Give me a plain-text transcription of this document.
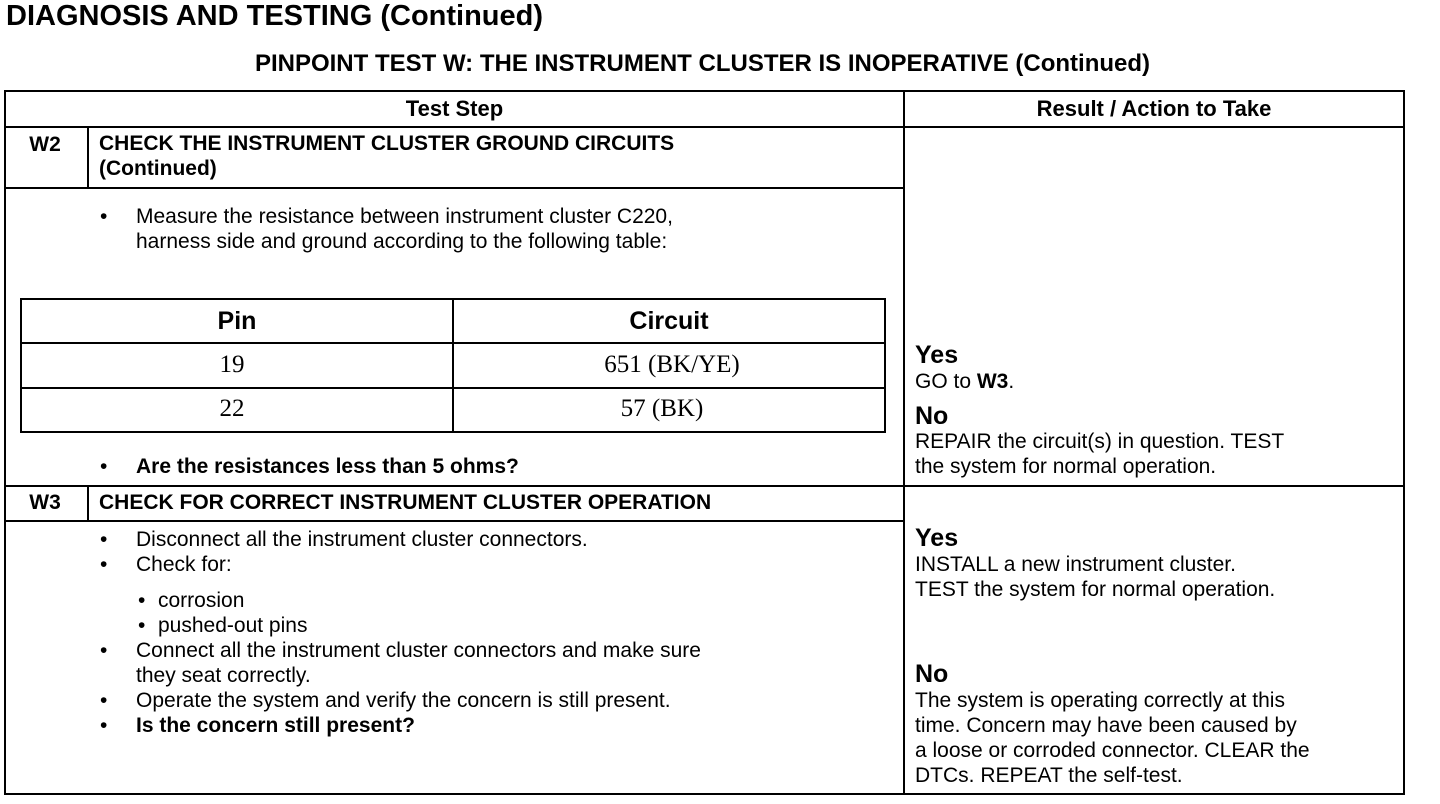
DIAGNOSIS AND TESTING (Continued)
PINPOINT TEST W: THE INSTRUMENT CLUSTER IS INOPERATIVE (Continued)
Test Step	Result / Action to Take
W2	CHECK THE INSTRUMENT CLUSTER GROUND CIRCUITS
(Continued)
• Measure the resistance between instrument cluster C220,
harness side and ground according to the following table:
Pin	Circuit
19	651 (BK/YE)
22	57 (BK)
• Are the resistances less than 5 ohms?
Yes
GO to W3.
No
REPAIR the circuit(s) in question. TEST
the system for normal operation.
W3	CHECK FOR CORRECT INSTRUMENT CLUSTER OPERATION
• Disconnect all the instrument cluster connectors.
• Check for:
• corrosion
• pushed-out pins
• Connect all the instrument cluster connectors and make sure
they seat correctly.
• Operate the system and verify the concern is still present.
• Is the concern still present?
Yes
INSTALL a new instrument cluster.
TEST the system for normal operation.
No
The system is operating correctly at this
time. Concern may have been caused by
a loose or corroded connector. CLEAR the
DTCs. REPEAT the self-test.
